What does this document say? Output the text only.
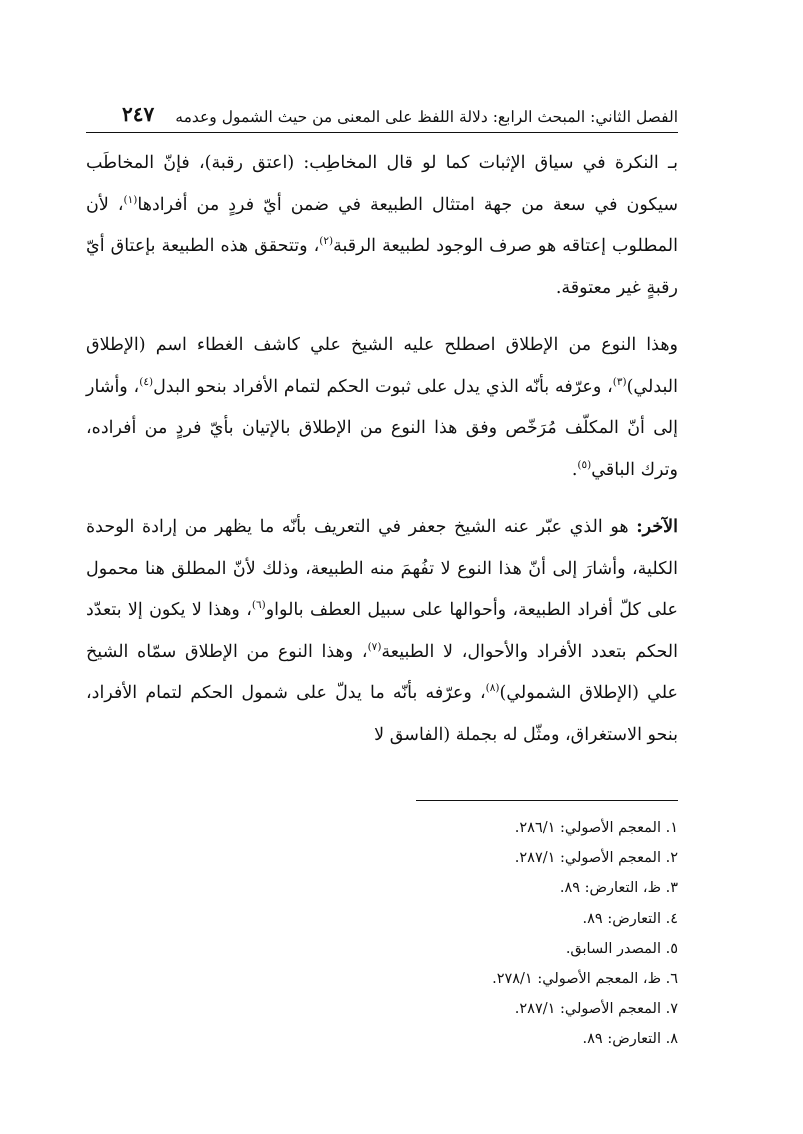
الفصل الثاني: المبحث الرابع: دلالة اللفظ على المعنى من حيث الشمول وعدمه
٢٤٧

بـ النكرة في سياق الإثبات كما لو قال المخاطِب: (اعتق رقبة)، فإنّ المخاطَب سيكون في سعة من جهة امتثال الطبيعة في ضمن أيّ فردٍ من أفرادها$^{(١)}$، لأن المطلوب إعتاقه هو صرف الوجود لطبيعة الرقبة$^{(٢)}$، وتتحقق هذه الطبيعة بإعتاق أيّ رقبةٍ غير معتوقة.

وهذا النوع من الإطلاق اصطلح عليه الشيخ علي كاشف الغطاء اسم (الإطلاق البدلي)$^{(٣)}$، وعرّفه بأنّه الذي يدل على ثبوت الحكم لتمام الأفراد بنحو البدل$^{(٤)}$، وأشار إلى أنّ المكلّف مُرَخّص وفق هذا النوع من الإطلاق بالإتيان بأيّ فردٍ من أفراده، وترك الباقي$^{(٥)}$.

الآخر: هو الذي عبّر عنه الشيخ جعفر في التعريف بأنّه ما يظهر من إرادة الوحدة الكلية، وأشارَ إلى أنّ هذا النوع لا تفُهمَ منه الطبيعة، وذلك لأنّ المطلق هنا محمول على كلّ أفراد الطبيعة، وأحوالها على سبيل العطف بالواو$^{(٦)}$، وهذا لا يكون إلا بتعدّد الحكم بتعدد الأفراد والأحوال، لا الطبيعة$^{(٧)}$، وهذا النوع من الإطلاق سمّاه الشيخ علي (الإطلاق الشمولي)$^{(٨)}$، وعرّفه بأنّه ما يدلّ على شمول الحكم لتمام الأفراد، بنحو الاستغراق، ومثّل له بجملة (الفاسق لا

١. المعجم الأصولي: ٢٨٦/١.
٢. المعجم الأصولي: ٢٨٧/١.
٣. ظ، التعارض: ٨٩.
٤. التعارض: ٨٩.
٥. المصدر السابق.
٦. ظ، المعجم الأصولي: ٢٧٨/١.
٧. المعجم الأصولي: ٢٨٧/١.
٨. التعارض: ٨٩.
